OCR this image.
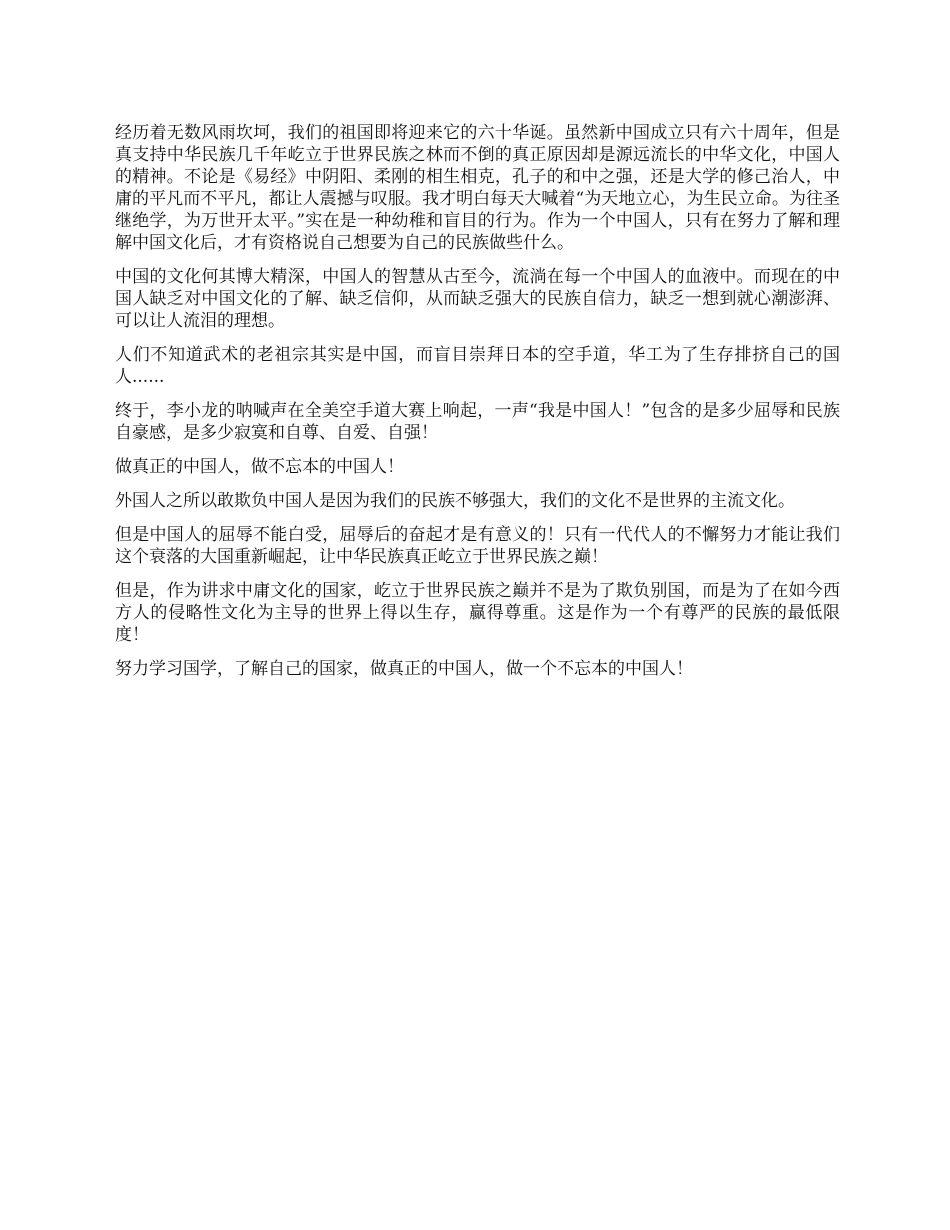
经历着无数风雨坎坷，我们的祖国即将迎来它的六十华诞。虽然新中国成立只有六十周年，但是真支持中华民族几千年屹立于世界民族之林而不倒的真正原因却是源远流长的中华文化，中国人的精神。不论是《易经》中阴阳、柔刚的相生相克，孔子的和中之强，还是大学的修己治人，中庸的平凡而不平凡，都让人震撼与叹服。我才明白每天大喊着“为天地立心，为生民立命。为往圣继绝学，为万世开太平。”实在是一种幼稚和盲目的行为。作为一个中国人，只有在努力了解和理解中国文化后，才有资格说自己想要为自己的民族做些什么。

中国的文化何其博大精深，中国人的智慧从古至今，流淌在每一个中国人的血液中。而现在的中国人缺乏对中国文化的了解、缺乏信仰，从而缺乏强大的民族自信力，缺乏一想到就心潮澎湃、可以让人流泪的理想。

人们不知道武术的老祖宗其实是中国，而盲目崇拜日本的空手道，华工为了生存排挤自己的国人......

终于，李小龙的呐喊声在全美空手道大赛上响起，一声“我是中国人！”包含的是多少屈辱和民族自豪感，是多少寂寞和自尊、自爱、自强！

做真正的中国人，做不忘本的中国人！

外国人之所以敢欺负中国人是因为我们的民族不够强大，我们的文化不是世界的主流文化。

但是中国人的屈辱不能白受，屈辱后的奋起才是有意义的！只有一代代人的不懈努力才能让我们这个衰落的大国重新崛起，让中华民族真正屹立于世界民族之巅！

但是，作为讲求中庸文化的国家，屹立于世界民族之巅并不是为了欺负别国，而是为了在如今西方人的侵略性文化为主导的世界上得以生存，赢得尊重。这是作为一个有尊严的民族的最低限度！

努力学习国学，了解自己的国家，做真正的中国人，做一个不忘本的中国人！
